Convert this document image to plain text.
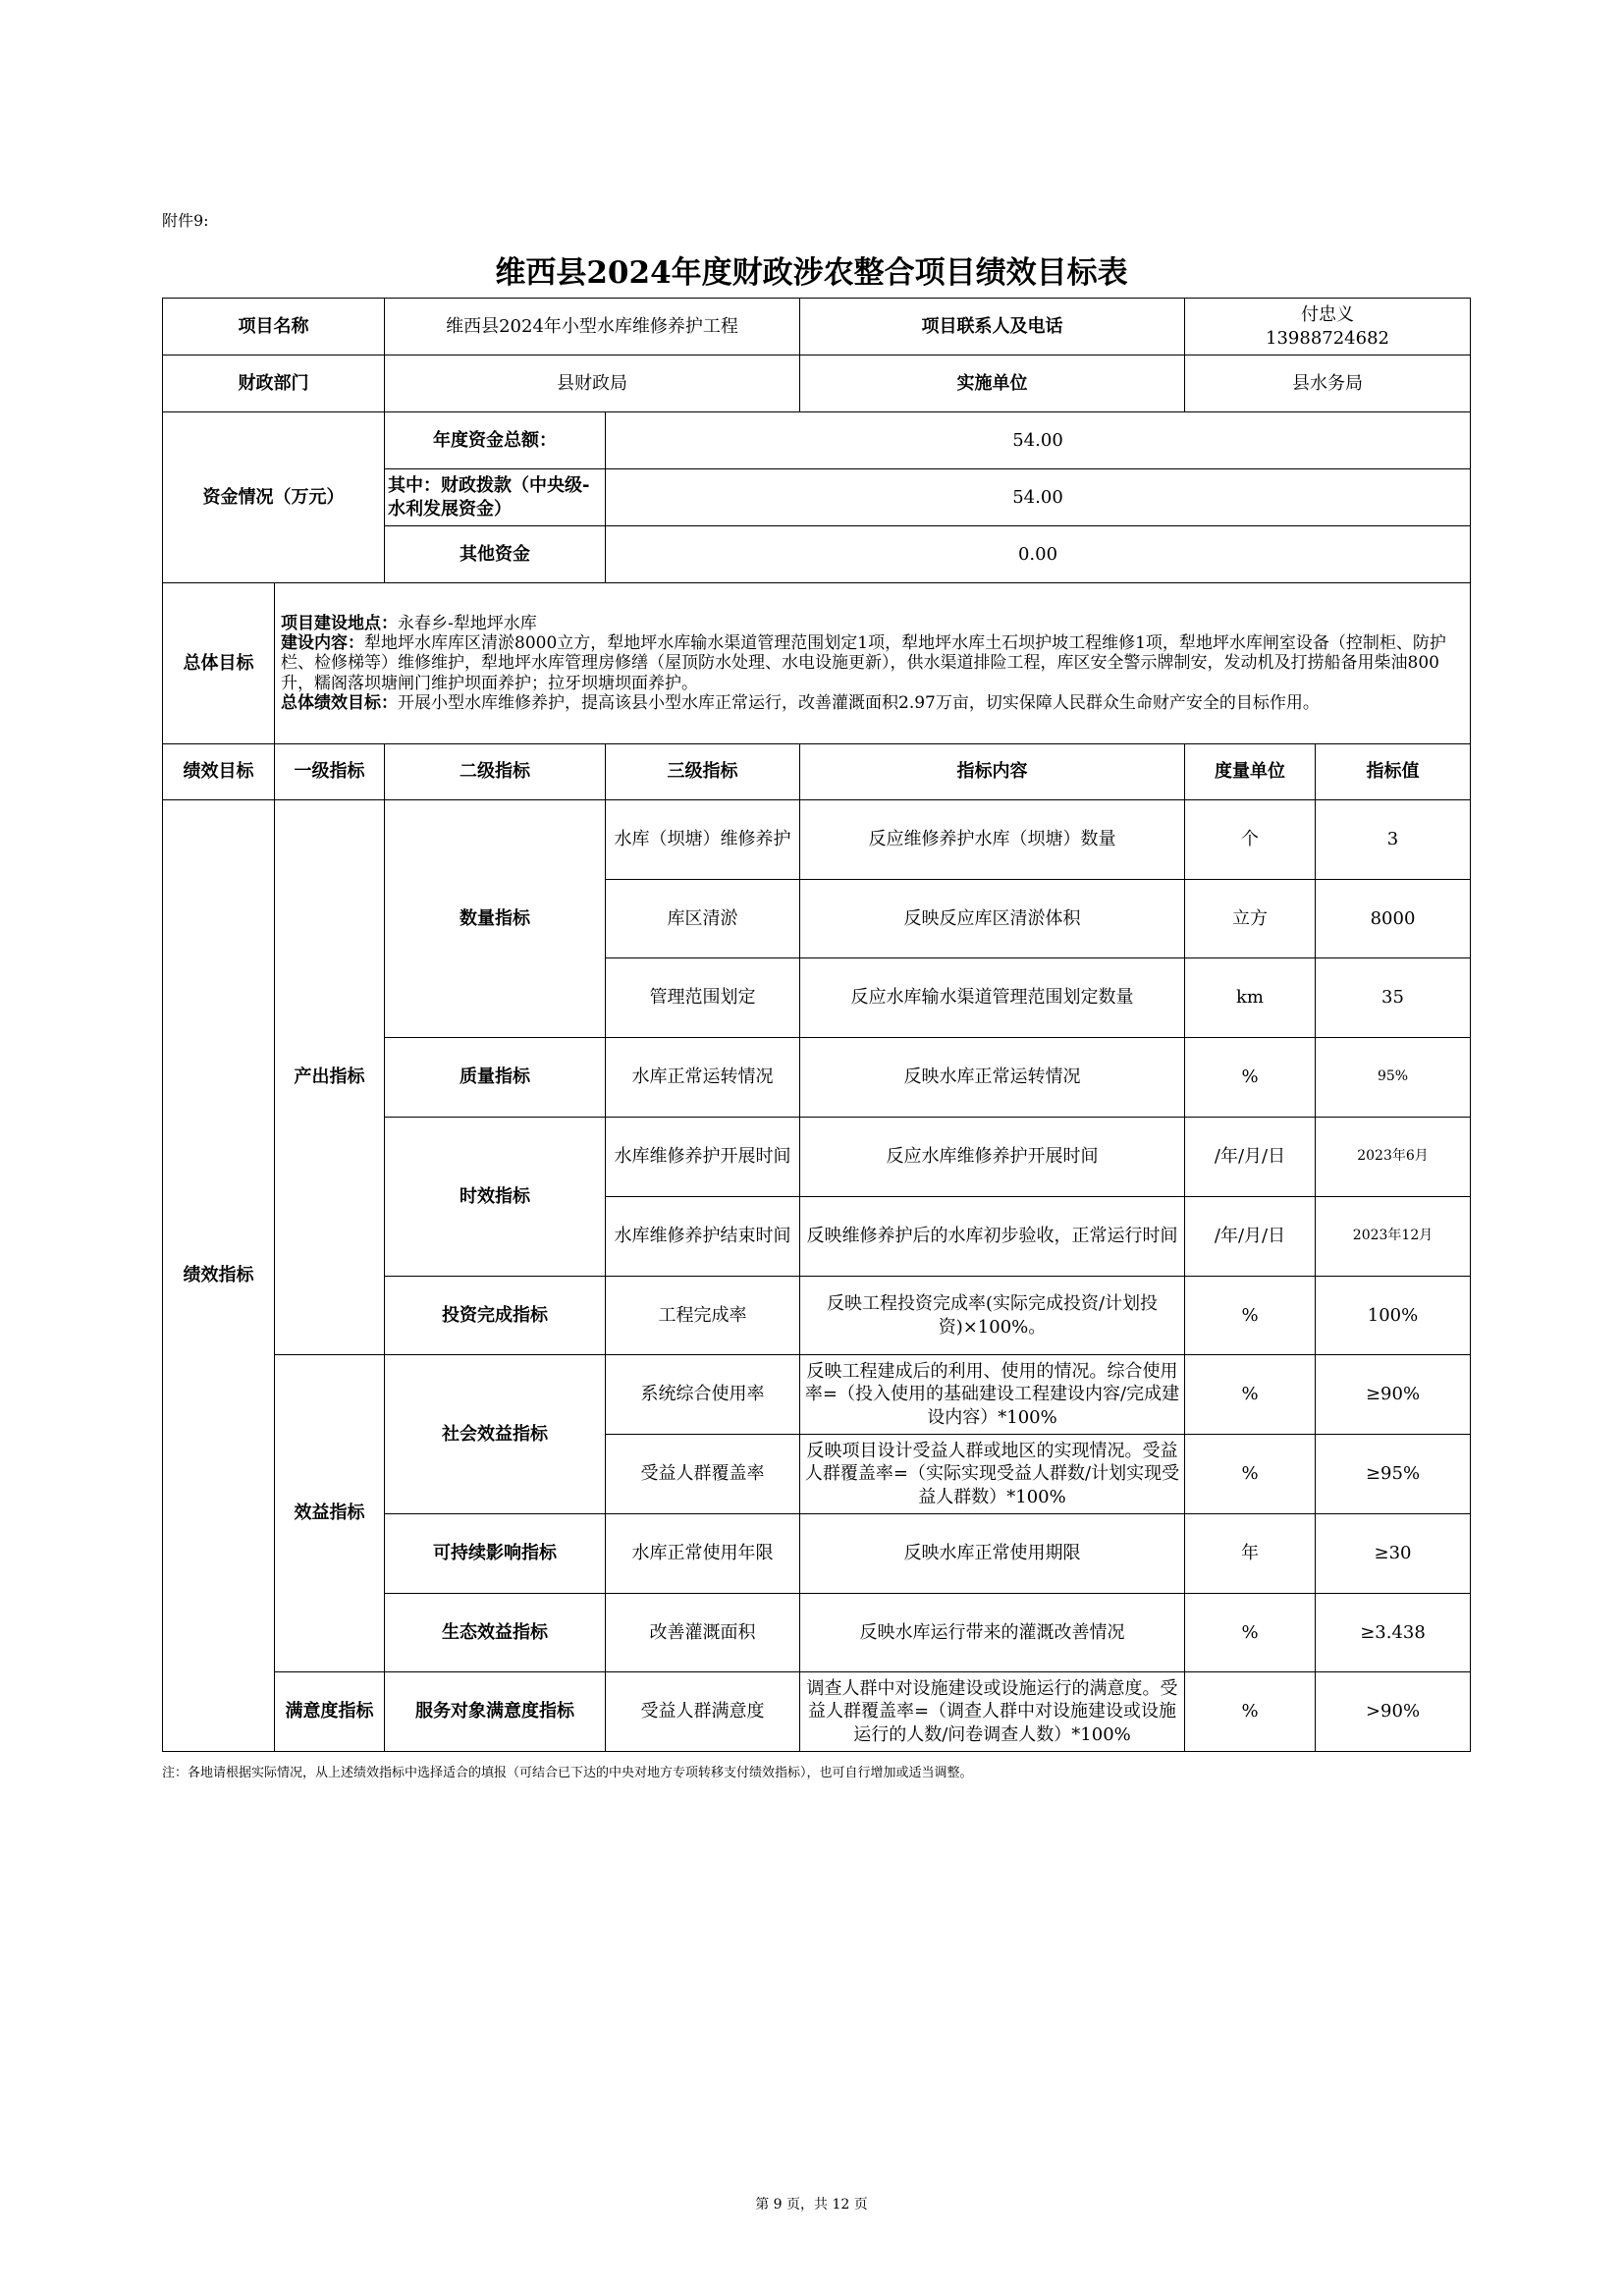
附件9:
维西县2024年度财政涉农整合项目绩效目标表
项目名称		维西县2024年小型水库维修养护工程		项目联系人及电话	付忠义
13988724682	
财政部门		县财政局		实施单位	县水务局	
资金情况（万元）		年度资金总额：	54.00			
		其中：财政拨款（中央级-水利发展资金）	54.00			
		其他资金	0.00			
总体目标	项目建设地点：永春乡-犁地坪水库
建设内容：犁地坪水库库区清淤8000立方，犁地坪水库输水渠道管理范围划定1项，犁地坪水库土石坝护坡工程维修1项，犁地坪水库闸室设备（控制柜、防护栏、检修梯等）维修维护，犁地坪水库管理房修缮（屋顶防水处理、水电设施更新），供水渠道排险工程，库区安全警示牌制安，发动机及打捞船备用柴油800升，糯阁落坝塘闸门维护坝面养护；拉牙坝塘坝面养护。
总体绩效目标：开展小型水库维修养护，提高该县小型水库正常运行，改善灌溉面积2.97万亩，切实保障人民群众生命财产安全的目标作用。					
绩效目标	一级指标	二级指标	三级指标	指标内容	度量单位	指标值
绩效指标	产出指标	数量指标	水库（坝塘）维修养护	反应维修养护水库（坝塘）数量	个	3
			库区清淤	反映反应库区清淤体积	立方	8000
			管理范围划定	反应水库输水渠道管理范围划定数量	km	35
		质量指标	水库正常运转情况	反映水库正常运转情况	%	95%
		时效指标	水库维修养护开展时间	反应水库维修养护开展时间	/年/月/日	2023年6月
			水库维修养护结束时间	反映维修养护后的水库初步验收，正常运行时间	/年/月/日	2023年12月
		投资完成指标	工程完成率	反映工程投资完成率(实际完成投资/计划投资)×100%。	%	100%
	效益指标	社会效益指标	系统综合使用率	反映工程建成后的利用、使用的情况。综合使用率=（投入使用的基础建设工程建设内容/完成建设内容）*100%	%	≥90%
			受益人群覆盖率	反映项目设计受益人群或地区的实现情况。受益人群覆盖率=（实际实现受益人群数/计划实现受益人群数）*100%	%	≥95%
		可持续影响指标	水库正常使用年限	反映水库正常使用期限	年	≥30
		生态效益指标	改善灌溉面积	反映水库运行带来的灌溉改善情况	%	≥3.438
	满意度指标	服务对象满意度指标	受益人群满意度	调查人群中对设施建设或设施运行的满意度。受益人群覆盖率=（调查人群中对设施建设或设施运行的人数/问卷调查人数）*100%	%	>90%
注：各地请根据实际情况，从上述绩效指标中选择适合的填报（可结合已下达的中央对地方专项转移支付绩效指标），也可自行增加或适当调整。
第 9 页，共 12 页
